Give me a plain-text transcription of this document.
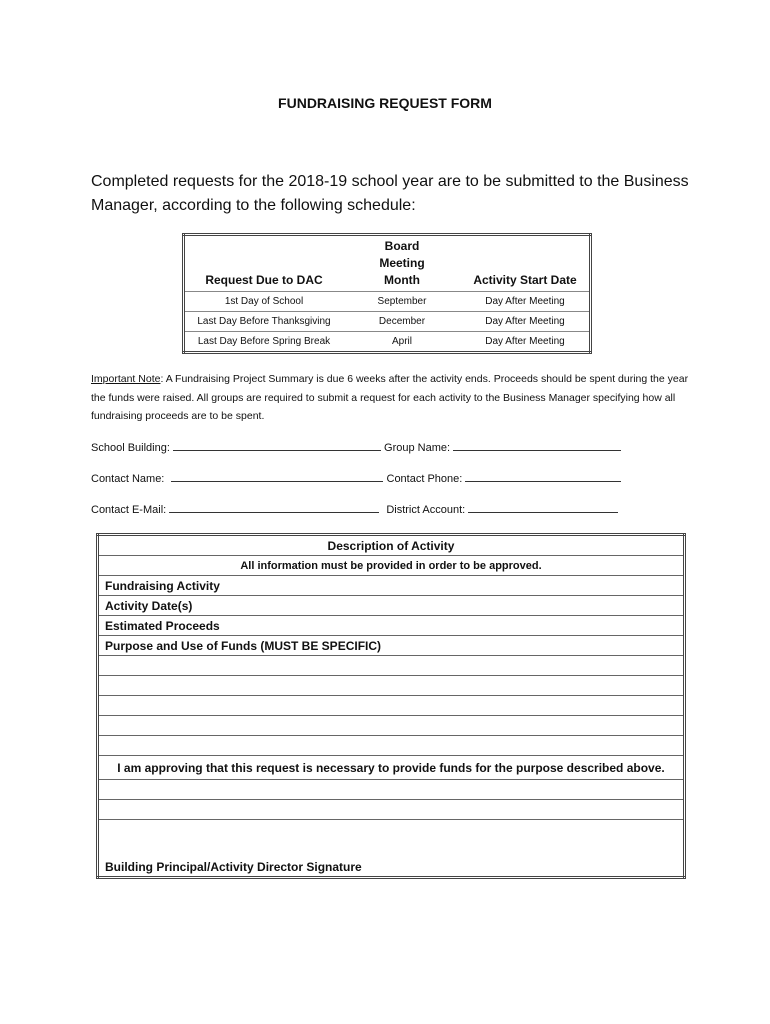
FUNDRAISING REQUEST FORM
Completed requests for the 2018-19 school year are to be submitted to the Business Manager, according to the following schedule:
Request Due to DAC	Board Meeting Month	Activity Start Date
1st Day of School	September	Day After Meeting
Last Day Before Thanksgiving	December	Day After Meeting
Last Day Before Spring Break	April	Day After Meeting
Important Note: A Fundraising Project Summary is due 6 weeks after the activity ends. Proceeds should be spent during the year the funds were raised. All groups are required to submit a request for each activity to the Business Manager specifying how all fundraising proceeds are to be spent.
School Building:	Group Name:
Contact Name:	Contact Phone:
Contact E-Mail:	District Account:
Description of Activity
All information must be provided in order to be approved.
Fundraising Activity
Activity Date(s)
Estimated Proceeds
Purpose and Use of Funds (MUST BE SPECIFIC)

I am approving that this request is necessary to provide funds for the purpose described above.

Building Principal/Activity Director Signature
